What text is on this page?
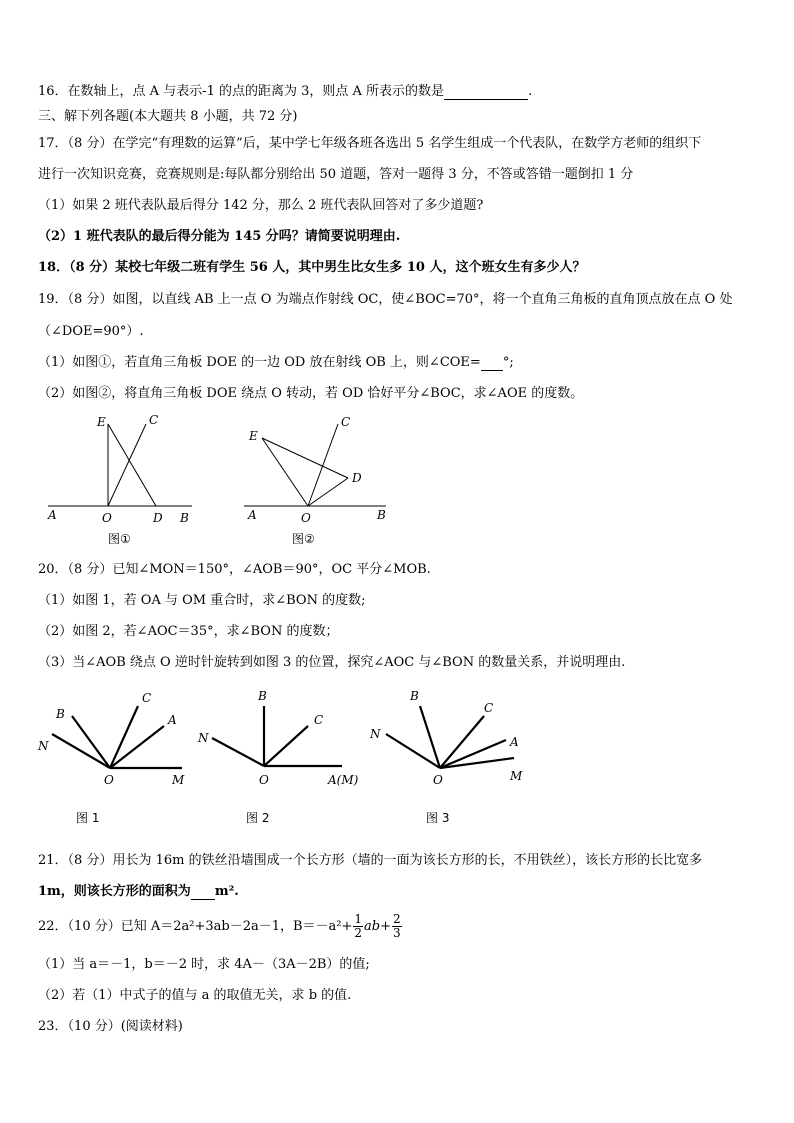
16．在数轴上，点 A 与表示-1 的点的距离为 3，则点 A 所表示的数是	.
三、解下列各题(本大题共 8 小题，共 72 分)
17．（8 分）在学完“有理数的运算”后，某中学七年级各班各选出 5 名学生组成一个代表队，在数学方老师的组织下
进行一次知识竞赛，竞赛规则是:每队都分别给出 50 道题，答对一题得 3 分，不答或答错一题倒扣 1 分
（1）如果 2 班代表队最后得分 142 分，那么 2 班代表队回答对了多少道题?
（2）1 班代表队的最后得分能为 145 分吗？请简要说明理由.
18．（8 分）某校七年级二班有学生 56 人，其中男生比女生多 10 人，这个班女生有多少人？
19．（8 分）如图，以直线 AB 上一点 O 为端点作射线 OC，使∠BOC=70°，将一个直角三角板的直角顶点放在点 O 处
（∠DOE=90°）.
（1）如图①，若直角三角板 DOE 的一边 OD 放在射线 OB 上，则∠COE= °;
（2）如图②，将直角三角板 DOE 绕点 O 转动，若 OD 恰好平分∠BOC，求∠AOE 的度数。
E	C
A	O	D B
图①
E
C
D
A	O	B
图②
20．（8 分）已知∠MON＝150°，∠AOB＝90°，OC 平分∠MOB.
（1）如图 1，若 OA 与 OM 重合时，求∠BON 的度数;
（2）如图 2，若∠AOC＝35°，求∠BON 的度数；
（3）当∠AOB 绕点 O 逆时针旋转到如图 3 的位置，探究∠AOC 与∠BON 的数量关系，并说明理由.
B
C
A
N
O	M
图 1
B
C
N
O	A(M)
图 2
B
C
A
N
O	M
图 3
21．（8 分）用长为 16m 的铁丝沿墙围成一个长方形（墙的一面为该长方形的长，不用铁丝），该长方形的长比宽多
1m，则该长方形的面积为 m².
22．（10 分）已知 A＝2a²+3ab－2a－1，$B=-a^2+ \frac{1}{2} ab+ \frac{2}{3}$
（1）当 a＝－1，b＝－2 时，求 4A－（3A－2B）的值;
（2）若（1）中式子的值与 a 的取值无关，求 b 的值.
23．（10 分）(阅读材料)
